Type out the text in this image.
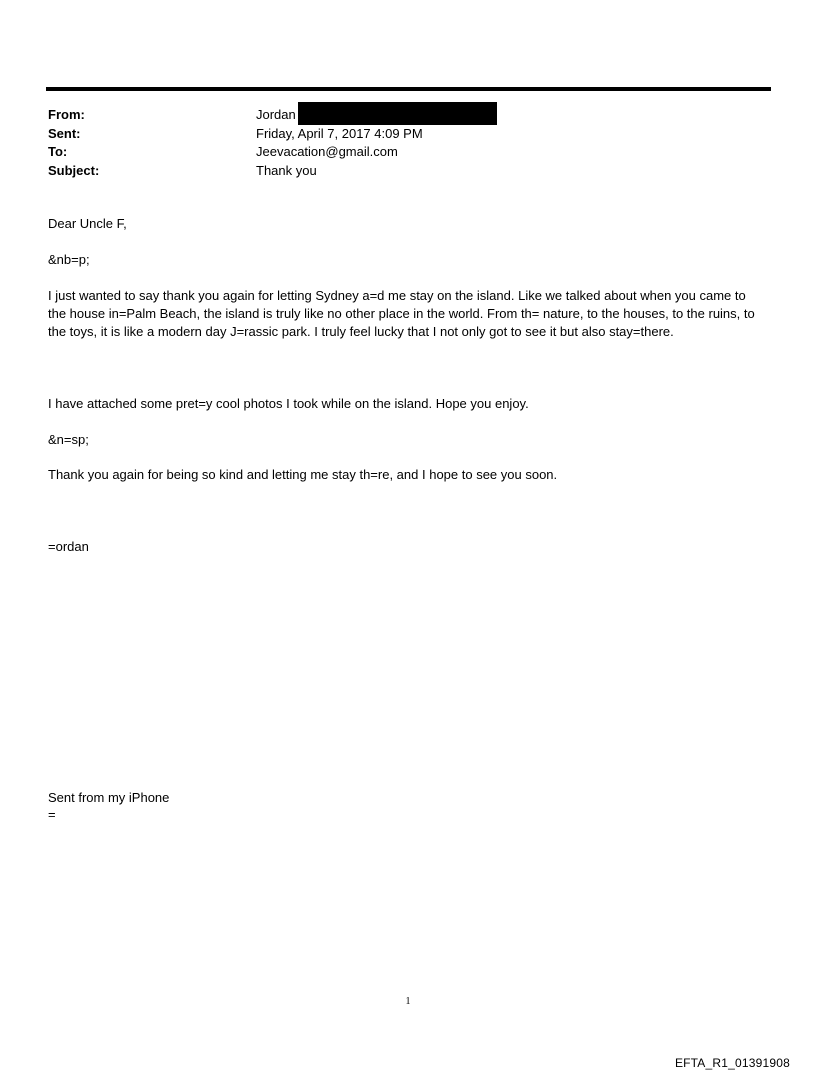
From:	Jordan
Sent:	Friday, April 7, 2017 4:09 PM
To:	Jeevacation@gmail.com
Subject:	Thank you
Dear Uncle F,
&nb=p;
I just wanted to say thank you again for letting Sydney a=d me stay on the island. Like we talked about when you came to the house in=Palm Beach, the island is truly like no other place in the world. From th= nature, to the houses, to the ruins, to the toys, it is like a modern day J=rassic park. I truly feel lucky that I not only got to see it but also stay=there.
I have attached some pret=y cool photos I took while on the island. Hope you enjoy.
&n=sp;
Thank you again for being so kind and letting me stay th=re, and I hope to see you soon.
=ordan
Sent from my iPhone
=
1
EFTA_R1_01391908
